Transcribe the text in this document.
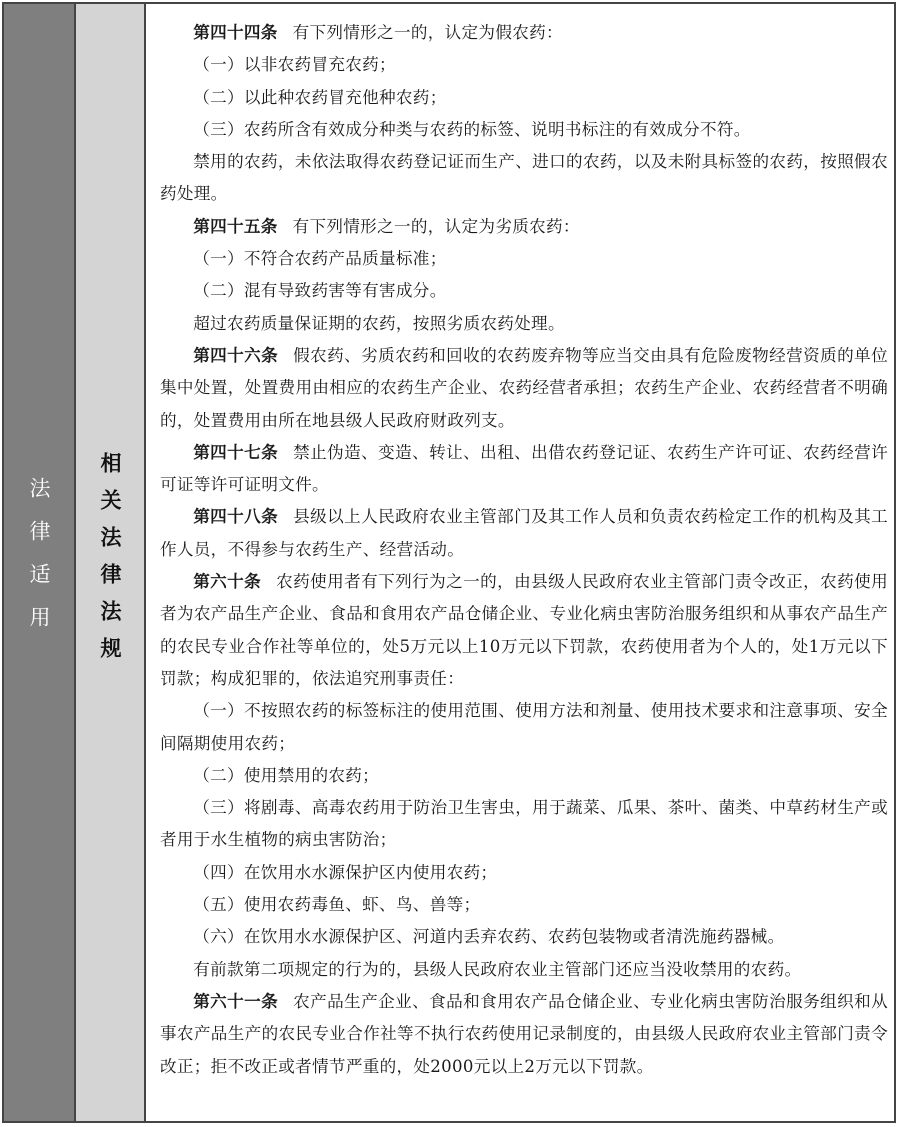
法律适用 相关法律法规

第四十四条 有下列情形之一的，认定为假农药：

（一）以非农药冒充农药；

（二）以此种农药冒充他种农药；

（三）农药所含有效成分种类与农药的标签、说明书标注的有效成分不符。

禁用的农药，未依法取得农药登记证而生产、进口的农药，以及未附具标签的农药，按照假农药处理。

第四十五条 有下列情形之一的，认定为劣质农药：

（一）不符合农药产品质量标准；

（二）混有导致药害等有害成分。

超过农药质量保证期的农药，按照劣质农药处理。

第四十六条 假农药、劣质农药和回收的农药废弃物等应当交由具有危险废物经营资质的单位集中处置，处置费用由相应的农药生产企业、农药经营者承担；农药生产企业、农药经营者不明确的，处置费用由所在地县级人民政府财政列支。

第四十七条 禁止伪造、变造、转让、出租、出借农药登记证、农药生产许可证、农药经营许可证等许可证明文件。

第四十八条 县级以上人民政府农业主管部门及其工作人员和负责农药检定工作的机构及其工作人员，不得参与农药生产、经营活动。

第六十条 农药使用者有下列行为之一的，由县级人民政府农业主管部门责令改正，农药使用者为农产品生产企业、食品和食用农产品仓储企业、专业化病虫害防治服务组织和从事农产品生产的农民专业合作社等单位的，处5万元以上10万元以下罚款，农药使用者为个人的，处1万元以下罚款；构成犯罪的，依法追究刑事责任：

（一）不按照农药的标签标注的使用范围、使用方法和剂量、使用技术要求和注意事项、安全间隔期使用农药；

（二）使用禁用的农药；

（三）将剧毒、高毒农药用于防治卫生害虫，用于蔬菜、瓜果、茶叶、菌类、中草药材生产或者用于水生植物的病虫害防治；

（四）在饮用水水源保护区内使用农药；

（五）使用农药毒鱼、虾、鸟、兽等；

（六）在饮用水水源保护区、河道内丢弃农药、农药包装物或者清洗施药器械。

有前款第二项规定的行为的，县级人民政府农业主管部门还应当没收禁用的农药。

第六十一条 农产品生产企业、食品和食用农产品仓储企业、专业化病虫害防治服务组织和从事农产品生产的农民专业合作社等不执行农药使用记录制度的，由县级人民政府农业主管部门责令改正；拒不改正或者情节严重的，处2000元以上2万元以下罚款。
